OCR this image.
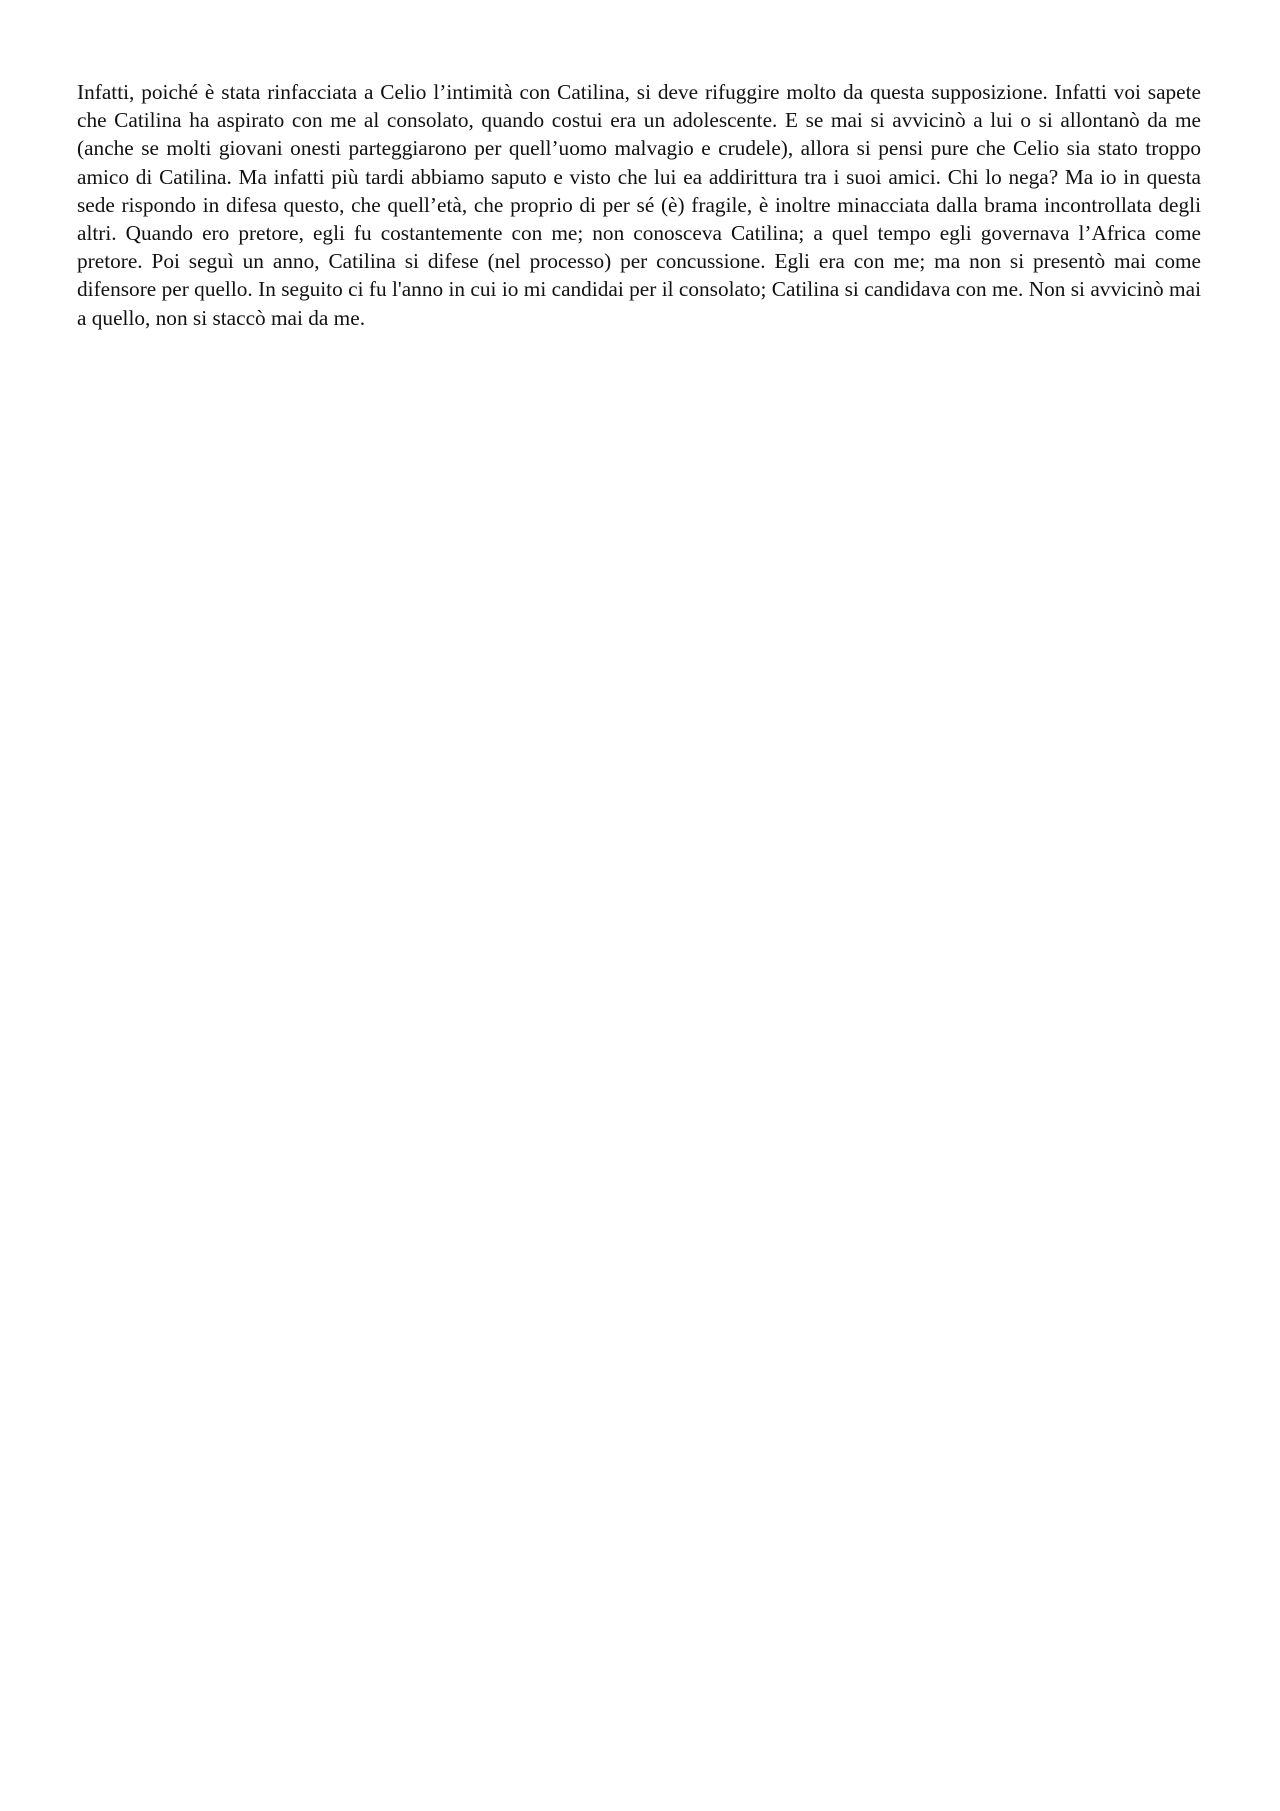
Infatti, poiché è stata rinfacciata a Celio l’intimità con Catilina, si deve rifuggire molto da questa supposizione. Infatti voi sapete che Catilina ha aspirato con me al consolato, quando costui era un adolescente. E se mai si avvicinò a lui o si allontanò da me (anche se molti giovani onesti parteggiarono per quell’uomo malvagio e crudele), allora si pensi pure che Celio sia stato troppo amico di Catilina. Ma infatti più tardi abbiamo saputo e visto che lui ea addirittura tra i suoi amici. Chi lo nega? Ma io in questa sede rispondo in difesa questo, che quell’età, che proprio di per sé (è) fragile, è inoltre minacciata dalla brama incontrollata degli altri. Quando ero pretore, egli fu costantemente con me; non conosceva Catilina; a quel tempo egli governava l’Africa come pretore. Poi seguì un anno, Catilina si difese (nel processo) per concussione. Egli era con me; ma non si presentò mai come difensore per quello. In seguito ci fu l'anno in cui io mi candidai per il consolato; Catilina si candidava con me. Non si avvicinò mai a quello, non si staccò mai da me.
